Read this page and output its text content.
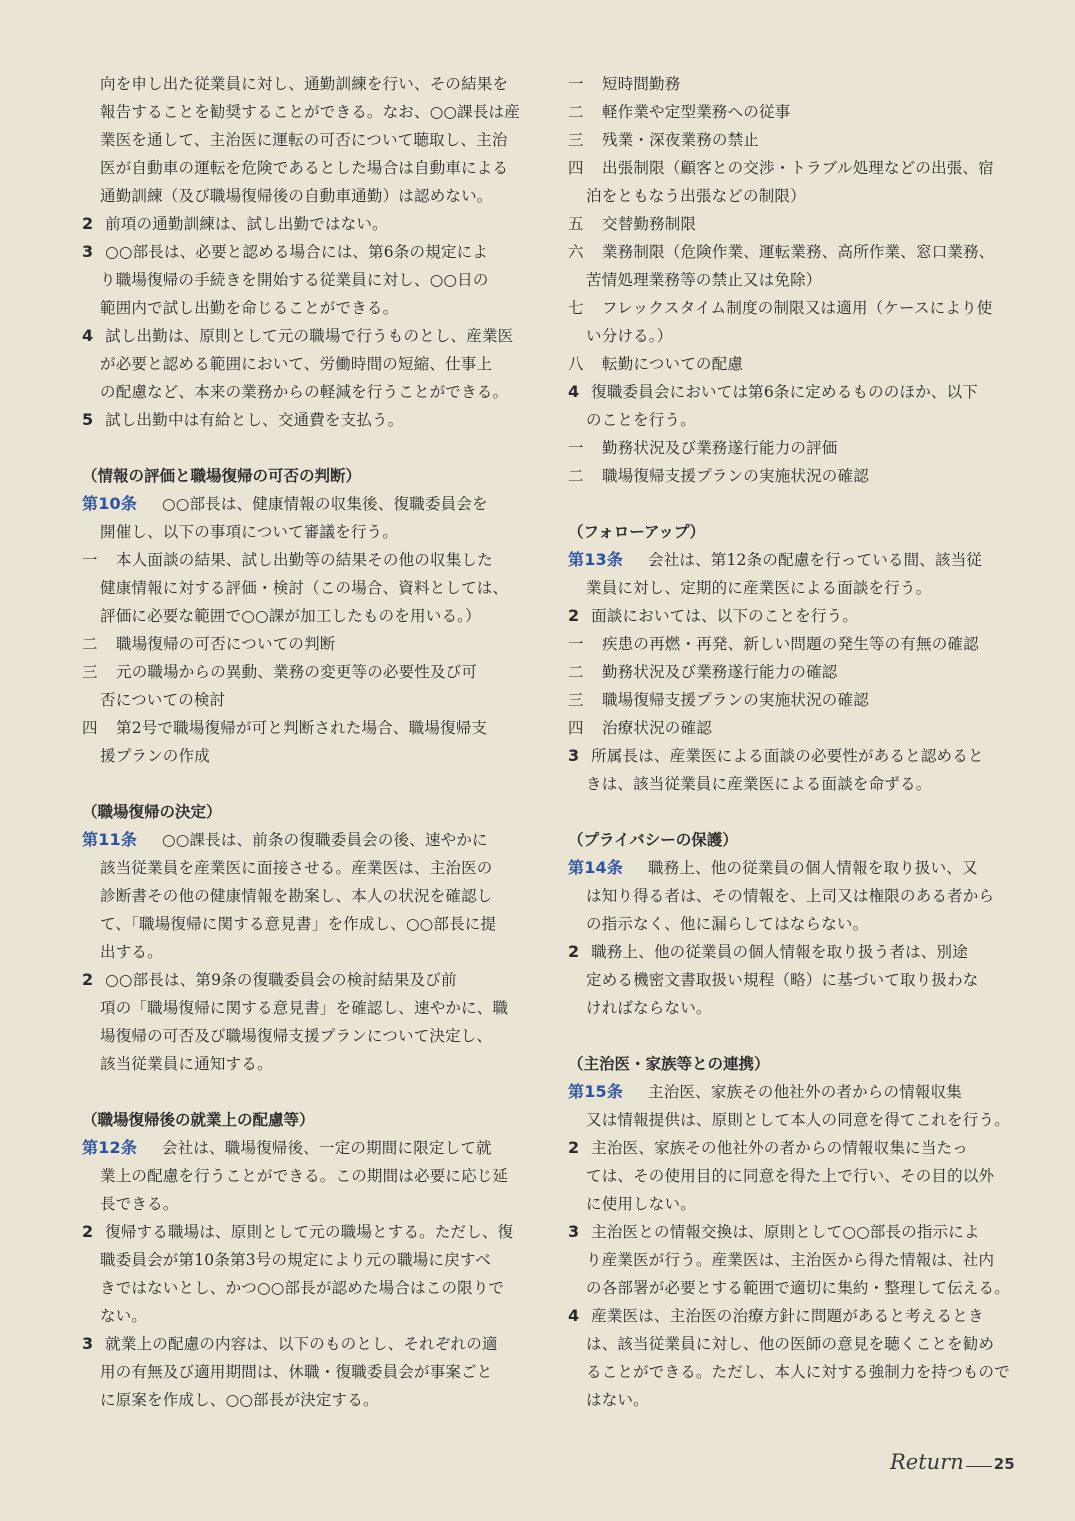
向を申し出た従業員に対し、通勤訓練を行い、その結果を
報告することを勧奨することができる。なお、○○課長は産
業医を通して、主治医に運転の可否について聴取し、主治
医が自動車の運転を危険であるとした場合は自動車による
通勤訓練（及び職場復帰後の自動車通勤）は認めない。
2 前項の通勤訓練は、試し出勤ではない。
3 ○○部長は、必要と認める場合には、第6条の規定によ
り職場復帰の手続きを開始する従業員に対し、○○日の
範囲内で試し出勤を命じることができる。
4 試し出勤は、原則として元の職場で行うものとし、産業医
が必要と認める範囲において、労働時間の短縮、仕事上
の配慮など、本来の業務からの軽減を行うことができる。
5 試し出勤中は有給とし、交通費を支払う。
（情報の評価と職場復帰の可否の判断）
第10条 ○○部長は、健康情報の収集後、復職委員会を
開催し、以下の事項について審議を行う。
一 本人面談の結果、試し出勤等の結果その他の収集した
健康情報に対する評価・検討（この場合、資料としては、
評価に必要な範囲で○○課が加工したものを用いる。）
二 職場復帰の可否についての判断
三 元の職場からの異動、業務の変更等の必要性及び可
否についての検討
四 第2号で職場復帰が可と判断された場合、職場復帰支
援プランの作成
（職場復帰の決定）
第11条 ○○課長は、前条の復職委員会の後、速やかに
該当従業員を産業医に面接させる。産業医は、主治医の
診断書その他の健康情報を勘案し、本人の状況を確認し
て、「職場復帰に関する意見書」を作成し、○○部長に提
出する。
2 ○○部長は、第9条の復職委員会の検討結果及び前
項の「職場復帰に関する意見書」を確認し、速やかに、職
場復帰の可否及び職場復帰支援プランについて決定し、
該当従業員に通知する。
（職場復帰後の就業上の配慮等）
第12条 会社は、職場復帰後、一定の期間に限定して就
業上の配慮を行うことができる。この期間は必要に応じ延
長できる。
2 復帰する職場は、原則として元の職場とする。ただし、復
職委員会が第10条第3号の規定により元の職場に戻すべ
きではないとし、かつ○○部長が認めた場合はこの限りで
ない。
3 就業上の配慮の内容は、以下のものとし、それぞれの適
用の有無及び適用期間は、休職・復職委員会が事案ごと
に原案を作成し、○○部長が決定する。
一 短時間勤務
二 軽作業や定型業務への従事
三 残業・深夜業務の禁止
四 出張制限（顧客との交渉・トラブル処理などの出張、宿
泊をともなう出張などの制限）
五 交替勤務制限
六 業務制限（危険作業、運転業務、高所作業、窓口業務、
苦情処理業務等の禁止又は免除）
七 フレックスタイム制度の制限又は適用（ケースにより使
い分ける。）
八 転勤についての配慮
4 復職委員会においては第6条に定めるもののほか、以下
のことを行う。
一 勤務状況及び業務遂行能力の評価
二 職場復帰支援プランの実施状況の確認
（フォローアップ）
第13条 会社は、第12条の配慮を行っている間、該当従
業員に対し、定期的に産業医による面談を行う。
2 面談においては、以下のことを行う。
一 疾患の再燃・再発、新しい問題の発生等の有無の確認
二 勤務状況及び業務遂行能力の確認
三 職場復帰支援プランの実施状況の確認
四 治療状況の確認
3 所属長は、産業医による面談の必要性があると認めると
きは、該当従業員に産業医による面談を命ずる。
（プライバシーの保護）
第14条 職務上、他の従業員の個人情報を取り扱い、又
は知り得る者は、その情報を、上司又は権限のある者から
の指示なく、他に漏らしてはならない。
2 職務上、他の従業員の個人情報を取り扱う者は、別途
定める機密文書取扱い規程（略）に基づいて取り扱わな
ければならない。
（主治医・家族等との連携）
第15条 主治医、家族その他社外の者からの情報収集
又は情報提供は、原則として本人の同意を得てこれを行う。
2 主治医、家族その他社外の者からの情報収集に当たっ
ては、その使用目的に同意を得た上で行い、その目的以外
に使用しない。
3 主治医との情報交換は、原則として○○部長の指示によ
り産業医が行う。産業医は、主治医から得た情報は、社内
の各部署が必要とする範囲で適切に集約・整理して伝える。
4 産業医は、主治医の治療方針に問題があると考えるとき
は、該当従業員に対し、他の医師の意見を聴くことを勧め
ることができる。ただし、本人に対する強制力を持つもので
はない。
Return 25
